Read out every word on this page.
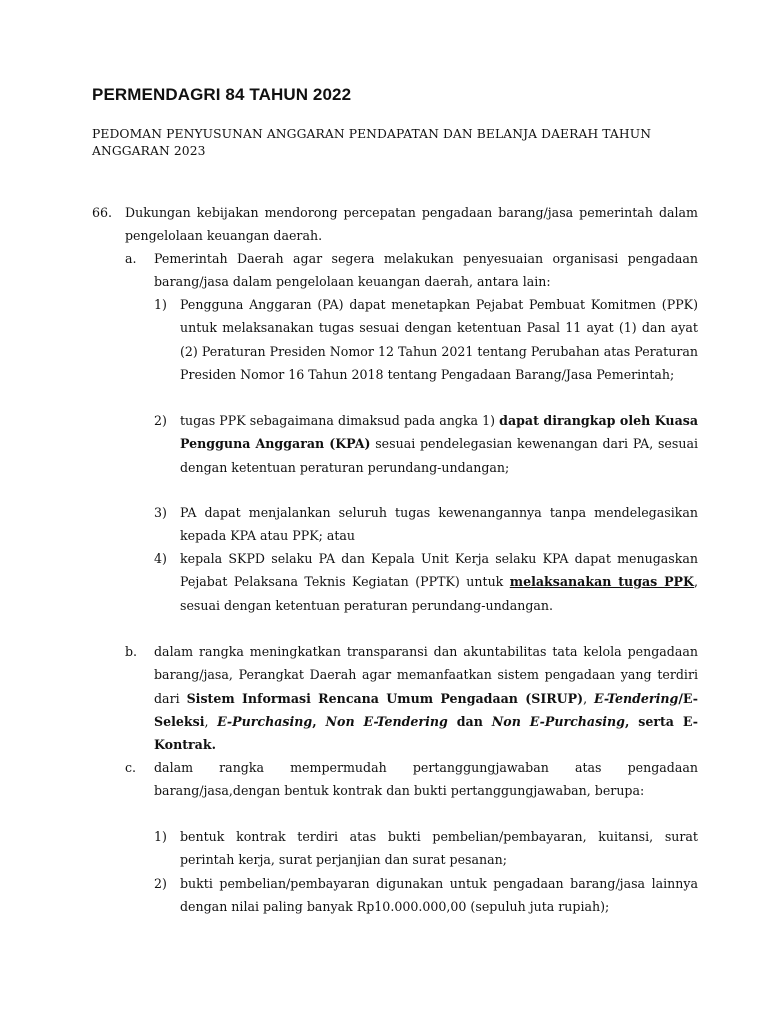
PERMENDAGRI 84 TAHUN 2022
PEDOMAN PENYUSUNAN ANGGARAN PENDAPATAN DAN BELANJA DAERAH TAHUN ANGGARAN 2023
66. Dukungan kebijakan mendorong percepatan pengadaan barang/jasa pemerintah dalam pengelolaan keuangan daerah.
a. Pemerintah Daerah agar segera melakukan penyesuaian organisasi pengadaan barang/jasa dalam pengelolaan keuangan daerah, antara lain:
1) Pengguna Anggaran (PA) dapat menetapkan Pejabat Pembuat Komitmen (PPK) untuk melaksanakan tugas sesuai dengan ketentuan Pasal 11 ayat (1) dan ayat (2) Peraturan Presiden Nomor 12 Tahun 2021 tentang Perubahan atas Peraturan Presiden Nomor 16 Tahun 2018 tentang Pengadaan Barang/Jasa Pemerintah;
2) tugas PPK sebagaimana dimaksud pada angka 1) dapat dirangkap oleh Kuasa Pengguna Anggaran (KPA) sesuai pendelegasian kewenangan dari PA, sesuai dengan ketentuan peraturan perundang-undangan;
3) PA dapat menjalankan seluruh tugas kewenangannya tanpa mendelegasikan kepada KPA atau PPK; atau
4) kepala SKPD selaku PA dan Kepala Unit Kerja selaku KPA dapat menugaskan Pejabat Pelaksana Teknis Kegiatan (PPTK) untuk melaksanakan tugas PPK, sesuai dengan ketentuan peraturan perundang-undangan.
b. dalam rangka meningkatkan transparansi dan akuntabilitas tata kelola pengadaan barang/jasa, Perangkat Daerah agar memanfaatkan sistem pengadaan yang terdiri dari Sistem Informasi Rencana Umum Pengadaan (SIRUP), E-Tendering/E-Seleksi, E-Purchasing, Non E-Tendering dan Non E-Purchasing, serta E-Kontrak.
c. dalam rangka mempermudah pertanggungjawaban atas pengadaan barang/jasa,dengan bentuk kontrak dan bukti pertanggungjawaban, berupa:
1) bentuk kontrak terdiri atas bukti pembelian/pembayaran, kuitansi, surat perintah kerja, surat perjanjian dan surat pesanan;
2) bukti pembelian/pembayaran digunakan untuk pengadaan barang/jasa lainnya dengan nilai paling banyak Rp10.000.000,00 (sepuluh juta rupiah);
